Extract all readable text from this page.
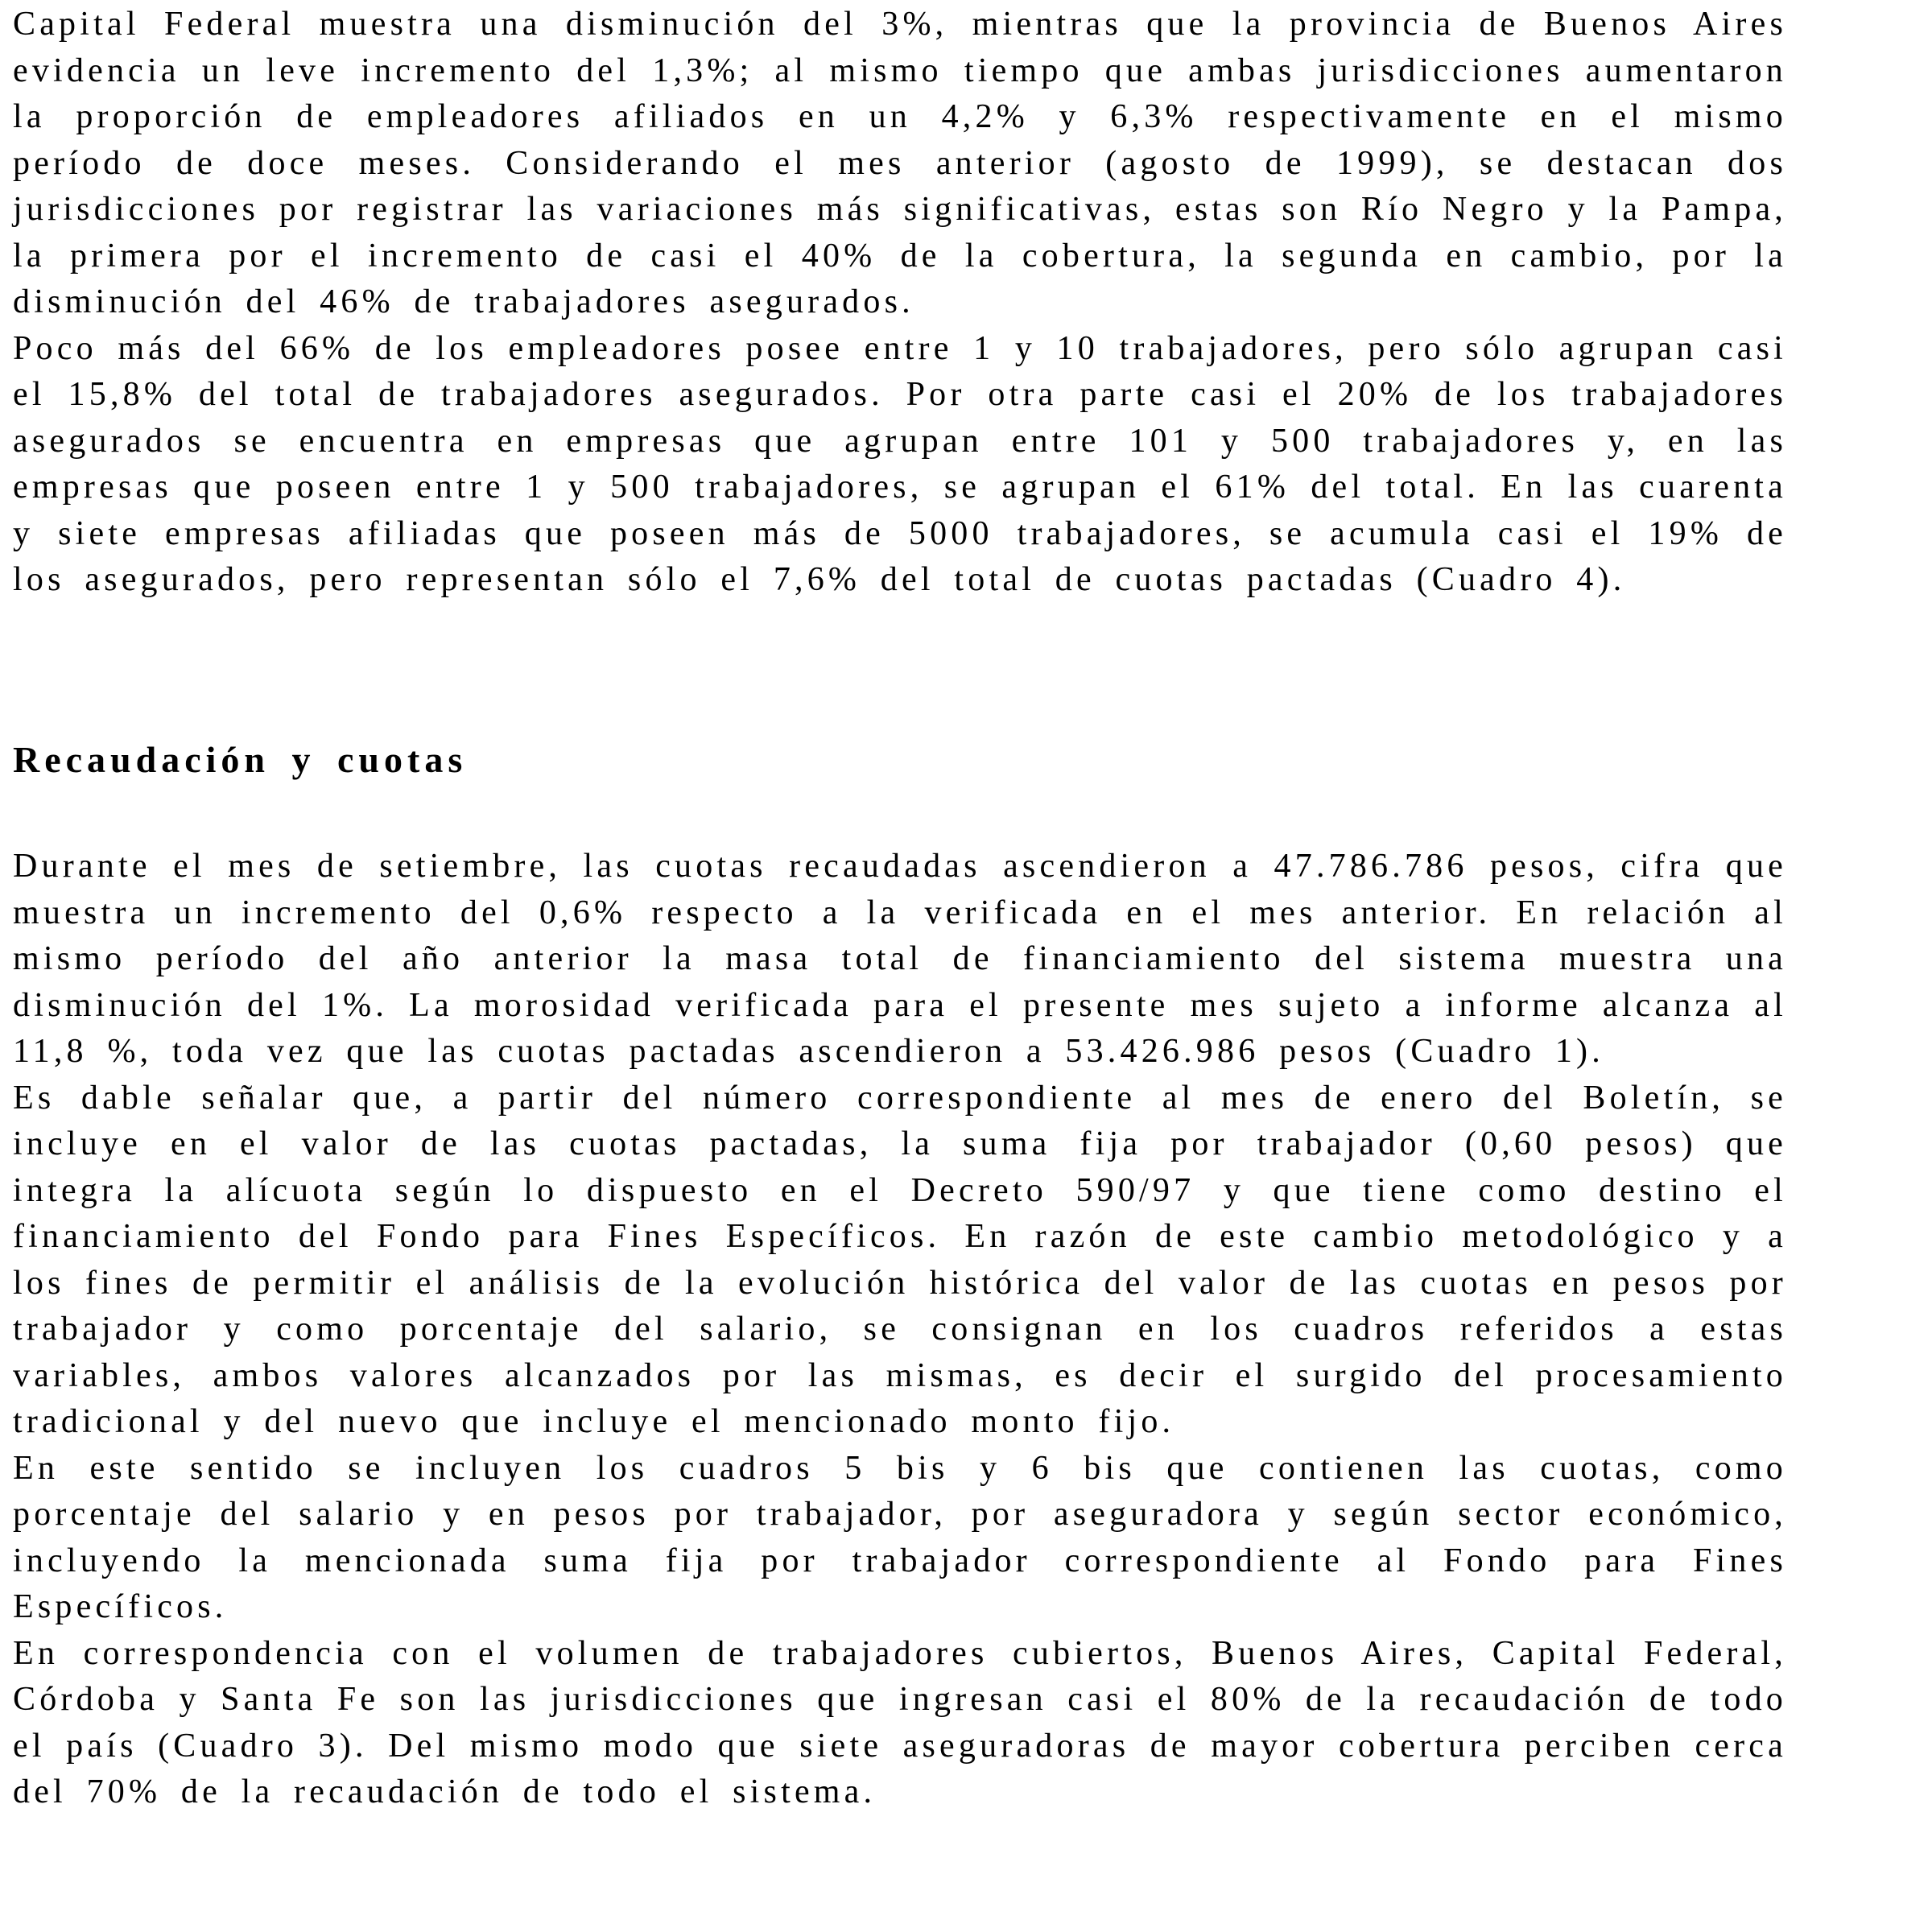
Capital Federal muestra una disminución del 3%, mientras que la provincia de Buenos Aires evidencia un leve incremento del 1,3%; al mismo tiempo que ambas jurisdicciones aumentaron la proporción de empleadores afiliados en un 4,2% y 6,3% respectivamente en el mismo período de doce meses. Considerando el mes anterior (agosto de 1999), se destacan dos jurisdicciones por registrar las variaciones más significativas, estas son Río Negro y la Pampa, la primera por el incremento de casi el 40% de la cobertura, la segunda en cambio, por la disminución del 46% de trabajadores asegurados.

Poco más del 66% de los empleadores posee entre 1 y 10 trabajadores, pero sólo agrupan casi el 15,8% del total de trabajadores asegurados. Por otra parte casi el 20% de los trabajadores asegurados se encuentra en empresas que agrupan entre 101 y 500 trabajadores y, en las empresas que poseen entre 1 y 500 trabajadores, se agrupan el 61% del total. En las cuarenta y siete empresas afiliadas que poseen más de 5000 trabajadores, se acumula casi el 19% de los asegurados, pero representan sólo el 7,6% del total de cuotas pactadas (Cuadro 4).

Recaudación y cuotas

Durante el mes de setiembre, las cuotas recaudadas ascendieron a 47.786.786 pesos, cifra que muestra un incremento del 0,6% respecto a la verificada en el mes anterior. En relación al mismo período del año anterior la masa total de financiamiento del sistema muestra una disminución del 1%. La morosidad verificada para el presente mes sujeto a informe alcanza al 11,8 %, toda vez que las cuotas pactadas ascendieron a 53.426.986 pesos (Cuadro 1).

Es dable señalar que, a partir del número correspondiente al mes de enero del Boletín, se incluye en el valor de las cuotas pactadas, la suma fija por trabajador (0,60 pesos) que integra la alícuota según lo dispuesto en el Decreto 590/97 y que tiene como destino el financiamiento del Fondo para Fines Específicos. En razón de este cambio metodológico y a los fines de permitir el análisis de la evolución histórica del valor de las cuotas en pesos por trabajador y como porcentaje del salario, se consignan en los cuadros referidos a estas variables, ambos valores alcanzados por las mismas, es decir el surgido del procesamiento tradicional y del nuevo que incluye el mencionado monto fijo.

En este sentido se incluyen los cuadros 5 bis y 6 bis que contienen las cuotas, como porcentaje del salario y en pesos por trabajador, por aseguradora y según sector económico, incluyendo la mencionada suma fija por trabajador correspondiente al Fondo para Fines Específicos.

En correspondencia con el volumen de trabajadores cubiertos, Buenos Aires, Capital Federal, Córdoba y Santa Fe son las jurisdicciones que ingresan casi el 80% de la recaudación de todo el país (Cuadro 3). Del mismo modo que siete aseguradoras de mayor cobertura perciben cerca del 70% de la recaudación de todo el sistema.
